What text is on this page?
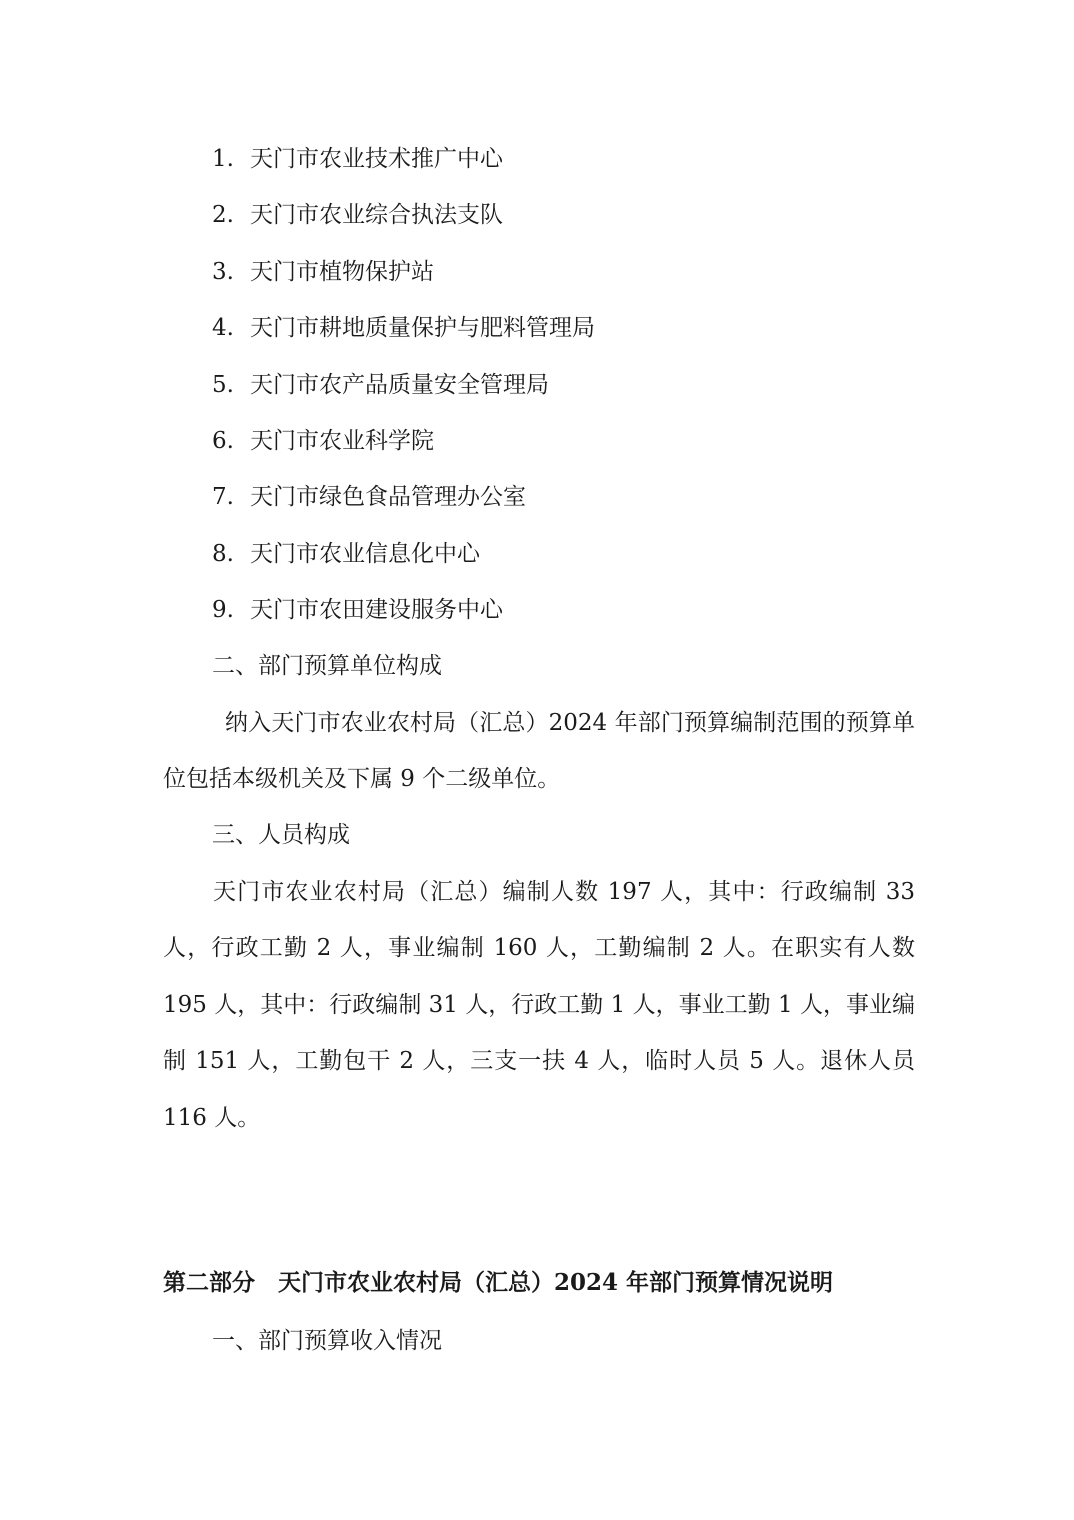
1. 天门市农业技术推广中心
2. 天门市农业综合执法支队
3. 天门市植物保护站
4. 天门市耕地质量保护与肥料管理局
5. 天门市农产品质量安全管理局
6. 天门市农业科学院
7. 天门市绿色食品管理办公室
8. 天门市农业信息化中心
9. 天门市农田建设服务中心
二、部门预算单位构成

纳入天门市农业农村局（汇总）2024 年部门预算编制范围的预算单位包括本级机关及下属 9 个二级单位。

三、人员构成

天门市农业农村局（汇总）编制人数 197 人，其中：行政编制 33 人，行政工勤 2 人，事业编制 160 人，工勤编制 2 人。在职实有人数 195 人，其中：行政编制 31 人，行政工勤 1 人，事业工勤 1 人，事业编制 151 人，工勤包干 2 人，三支一扶 4 人，临时人员 5 人。退休人员 116 人。

第二部分　天门市农业农村局（汇总）2024 年部门预算情况说明
一、部门预算收入情况
